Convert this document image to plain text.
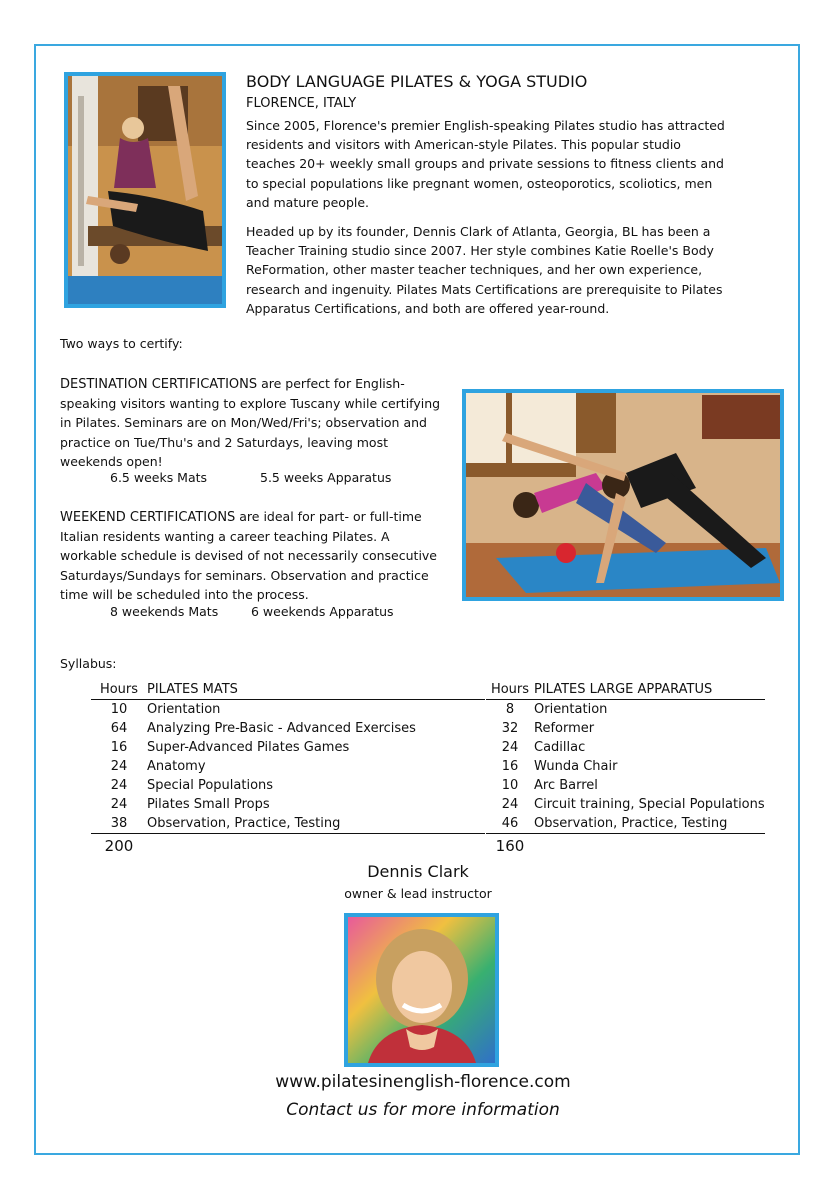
BODY LANGUAGE PILATES & YOGA STUDIO
FLORENCE, ITALY
Since 2005, Florence's premier English-speaking Pilates studio has attracted residents and visitors with American-style Pilates. This popular studio teaches 20+ weekly small groups and private sessions to fitness clients and to special populations like pregnant women, osteoporotics, scoliotics, men and mature people.
Headed up by its founder, Dennis Clark of Atlanta, Georgia, BL has been a Teacher Training studio since 2007. Her style combines Katie Roelle's Body ReFormation, other master teacher techniques, and her own experience, research and ingenuity. Pilates Mats Certifications are prerequisite to Pilates Apparatus Certifications, and both are offered year-round.
Two ways to certify:
DESTINATION CERTIFICATIONS are perfect for English-speaking visitors wanting to explore Tuscany while certifying in Pilates. Seminars are on Mon/Wed/Fri's; observation and practice on Tue/Thu's and 2 Saturdays, leaving most weekends open!
6.5 weeks Mats	5.5 weeks Apparatus
WEEKEND CERTIFICATIONS are ideal for part- or full-time Italian residents wanting a career teaching Pilates. A workable schedule is devised of not necessarily consecutive Saturdays/Sundays for seminars. Observation and practice time will be scheduled into the process.
8 weekends Mats	6 weekends Apparatus
Syllabus:
Hours	PILATES MATS
10	Orientation
64	Analyzing Pre-Basic - Advanced Exercises
16	Super-Advanced Pilates Games
24	Anatomy
24	Special Populations
24	Pilates Small Props
38	Observation, Practice, Testing
200	
Hours	PILATES LARGE APPARATUS
8	Orientation
32	Reformer
24	Cadillac
16	Wunda Chair
10	Arc Barrel
24	Circuit training, Special Populations
46	Observation, Practice, Testing
160	
Dennis Clark
owner & lead instructor
www.pilatesinenglish-florence.com
Contact us for more information
